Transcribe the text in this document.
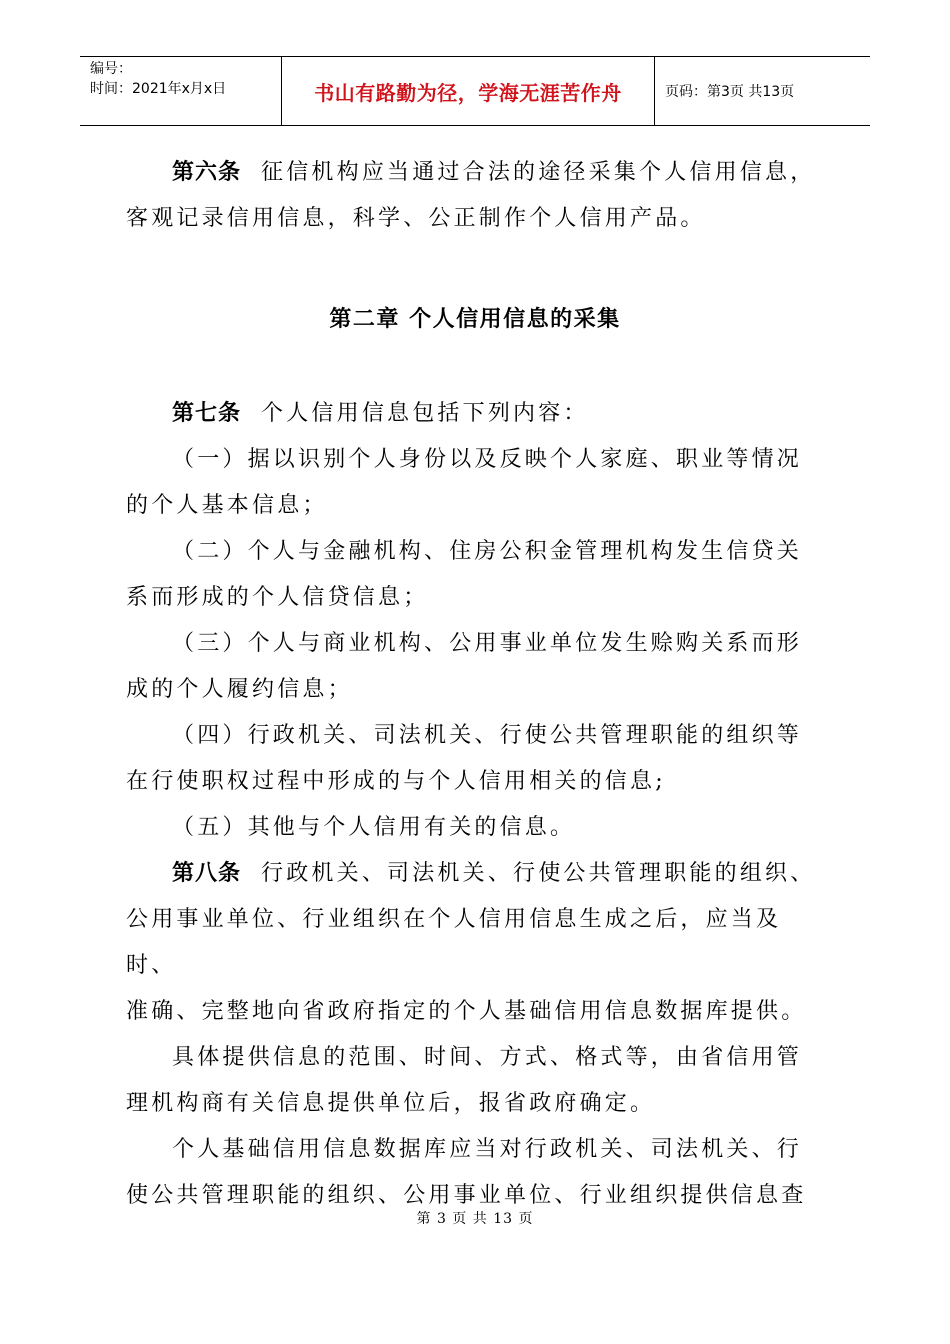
编号：
时间：2021年x月x日	书山有路勤为径，学海无涯苦作舟	页码：第3页 共13页

第六条 征信机构应当通过合法的途径采集个人信用信息，
客观记录信用信息，科学、公正制作个人信用产品。

第二章 个人信用信息的采集

第七条 个人信用信息包括下列内容：
（一）据以识别个人身份以及反映个人家庭、职业等情况
的个人基本信息；
（二）个人与金融机构、住房公积金管理机构发生信贷关
系而形成的个人信贷信息；
（三）个人与商业机构、公用事业单位发生赊购关系而形
成的个人履约信息；
（四）行政机关、司法机关、行使公共管理职能的组织等
在行使职权过程中形成的与个人信用相关的信息;
（五）其他与个人信用有关的信息。
第八条 行政机关、司法机关、行使公共管理职能的组织、
公用事业单位、行业组织在个人信用信息生成之后，应当及时、
准确、完整地向省政府指定的个人基础信用信息数据库提供。
具体提供信息的范围、时间、方式、格式等，由省信用管
理机构商有关信息提供单位后，报省政府确定。
个人基础信用信息数据库应当对行政机关、司法机关、行
使公共管理职能的组织、公用事业单位、行业组织提供信息查

第 3 页 共 13 页
